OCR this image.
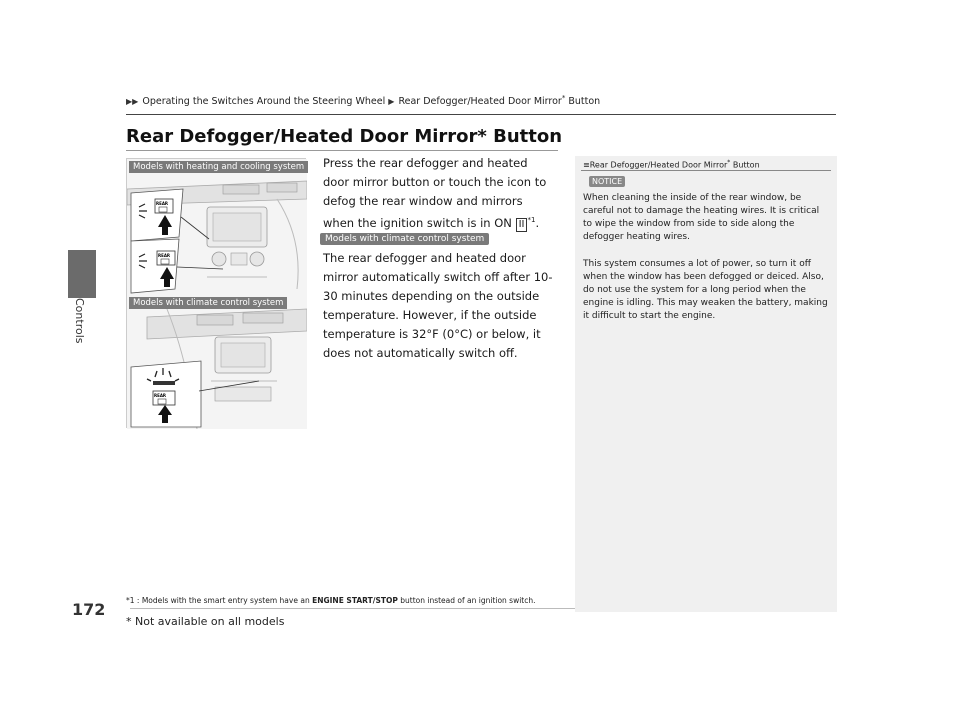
Controls
172
▶▶ Operating the Switches Around the Steering Wheel ▶ Rear Defogger/Heated Door Mirror* Button
Rear Defogger/Heated Door Mirror* Button
REAR
REAR
REAR
Models with heating and cooling system
Models with climate control system
Press the rear defogger and heated door mirror button or touch the icon to defog the rear window and mirrors when the ignition switch is in ON II $^{*1}$.
Models with climate control system
The rear defogger and heated door mirror automatically switch off after 10-30 minutes depending on the outside temperature. However, if the outside temperature is 32°F (0°C) or below, it does not automatically switch off.
*1 : Models with the smart entry system have an ENGINE START/STOP button instead of an ignition switch.
* Not available on all models
≡Rear Defogger/Heated Door Mirror* Button
NOTICE
When cleaning the inside of the rear window, be careful not to damage the heating wires. It is critical to wipe the window from side to side along the defogger heating wires.
This system consumes a lot of power, so turn it off when the window has been defogged or deiced. Also, do not use the system for a long period when the engine is idling. This may weaken the battery, making it difficult to start the engine.
